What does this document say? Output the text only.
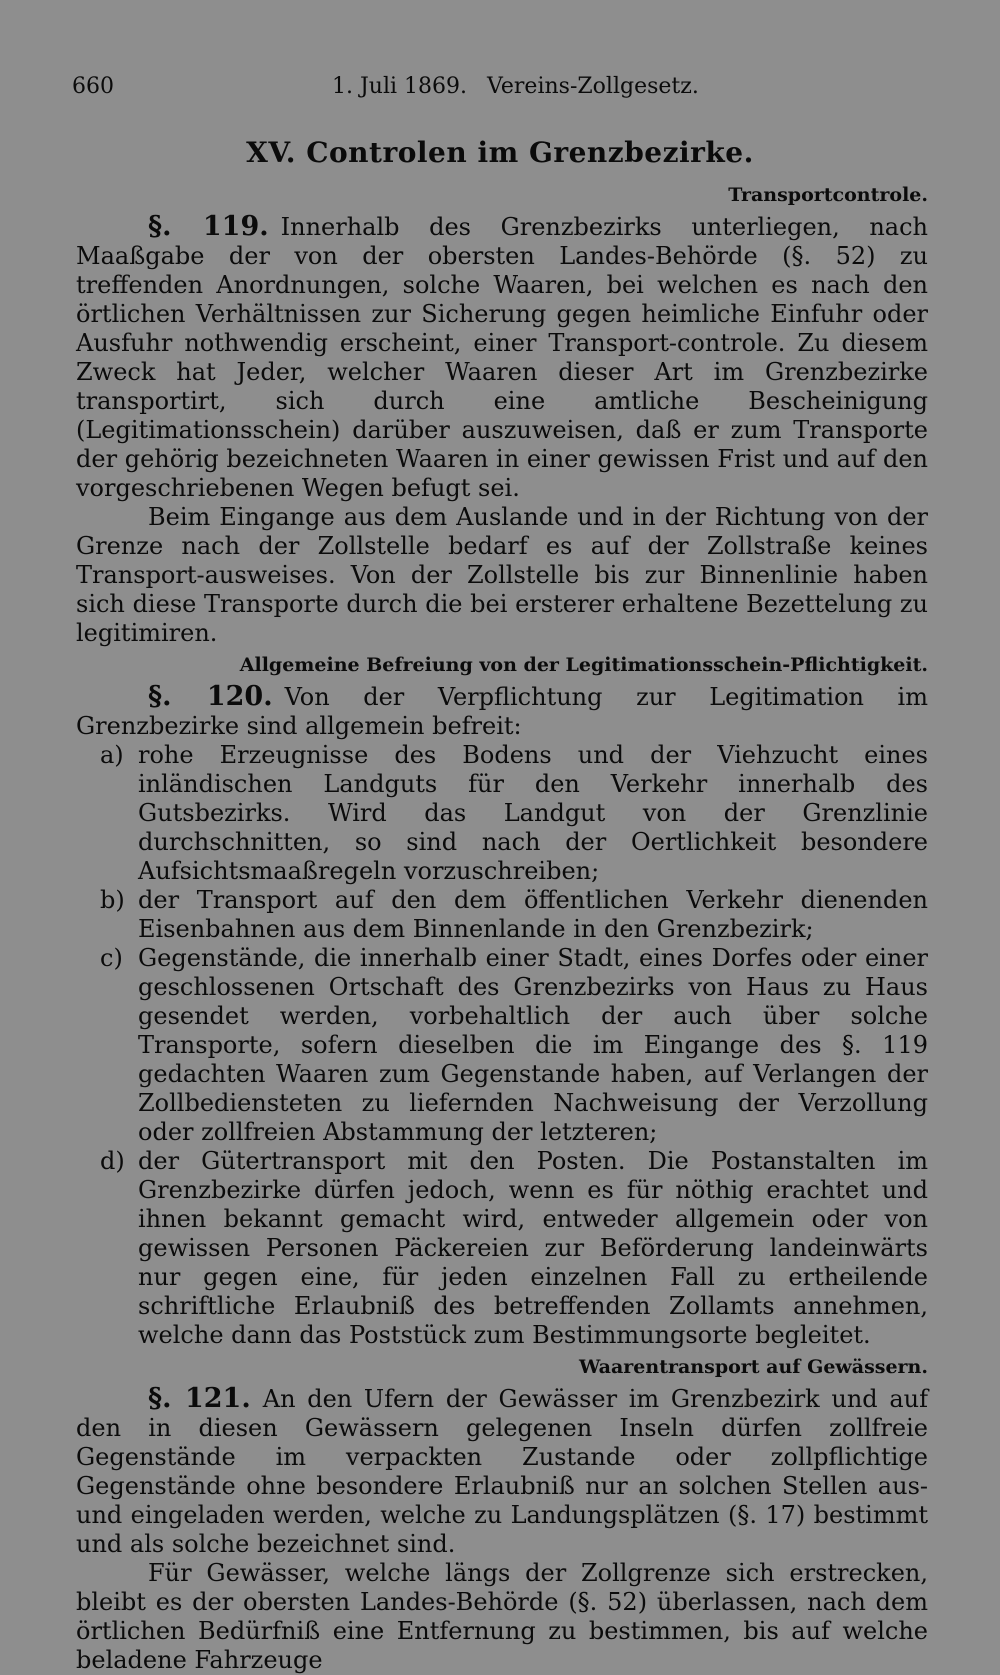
660	1. Juli 1869. Vereins-Zollgesetz.
XV. Controlen im Grenzbezirke.
Transportcontrole.

§. 119. Innerhalb des Grenzbezirks unterliegen, nach Maaßgabe der von der obersten Landes-Behörde (§. 52) zu treffenden Anordnungen, solche Waaren, bei welchen es nach den örtlichen Verhältnissen zur Sicherung gegen heimliche Einfuhr oder Ausfuhr nothwendig erscheint, einer Transport-controle. Zu diesem Zweck hat Jeder, welcher Waaren dieser Art im Grenzbezirke transportirt, sich durch eine amtliche Bescheinigung (Legitimationsschein) darüber auszuweisen, daß er zum Transporte der gehörig bezeichneten Waaren in einer gewissen Frist und auf den vorgeschriebenen Wegen befugt sei.

Beim Eingange aus dem Auslande und in der Richtung von der Grenze nach der Zollstelle bedarf es auf der Zollstraße keines Transport-ausweises. Von der Zollstelle bis zur Binnenlinie haben sich diese Transporte durch die bei ersterer erhaltene Bezettelung zu legitimiren.

Allgemeine Befreiung von der Legitimationsschein-Pflichtigkeit.

§. 120. Von der Verpflichtung zur Legitimation im Grenzbezirke sind allgemein befreit:

a) rohe Erzeugnisse des Bodens und der Viehzucht eines inländischen Landguts für den Verkehr innerhalb des Gutsbezirks. Wird das Landgut von der Grenzlinie durchschnitten, so sind nach der Oertlichkeit besondere Aufsichtsmaaßregeln vorzuschreiben;
b) der Transport auf den dem öffentlichen Verkehr dienenden Eisenbahnen aus dem Binnenlande in den Grenzbezirk;
c) Gegenstände, die innerhalb einer Stadt, eines Dorfes oder einer geschlossenen Ortschaft des Grenzbezirks von Haus zu Haus gesendet werden, vorbehaltlich der auch über solche Transporte, sofern dieselben die im Eingange des §. 119 gedachten Waaren zum Gegenstande haben, auf Verlangen der Zollbediensteten zu liefernden Nachweisung der Verzollung oder zollfreien Abstammung der letzteren;
d) der Gütertransport mit den Posten. Die Postanstalten im Grenzbezirke dürfen jedoch, wenn es für nöthig erachtet und ihnen bekannt gemacht wird, entweder allgemein oder von gewissen Personen Päckereien zur Beförderung landeinwärts nur gegen eine, für jeden einzelnen Fall zu ertheilende schriftliche Erlaubniß des betreffenden Zollamts annehmen, welche dann das Poststück zum Bestimmungsorte begleitet.
Waarentransport auf Gewässern.

§. 121. An den Ufern der Gewässer im Grenzbezirk und auf den in diesen Gewässern gelegenen Inseln dürfen zollfreie Gegenstände im verpackten Zustande oder zollpflichtige Gegenstände ohne besondere Erlaubniß nur an solchen Stellen aus- und eingeladen werden, welche zu Landungsplätzen (§. 17) bestimmt und als solche bezeichnet sind.

Für Gewässer, welche längs der Zollgrenze sich erstrecken, bleibt es der obersten Landes-Behörde (§. 52) überlassen, nach dem örtlichen Bedürfniß eine Entfernung zu bestimmen, bis auf welche beladene Fahrzeuge
